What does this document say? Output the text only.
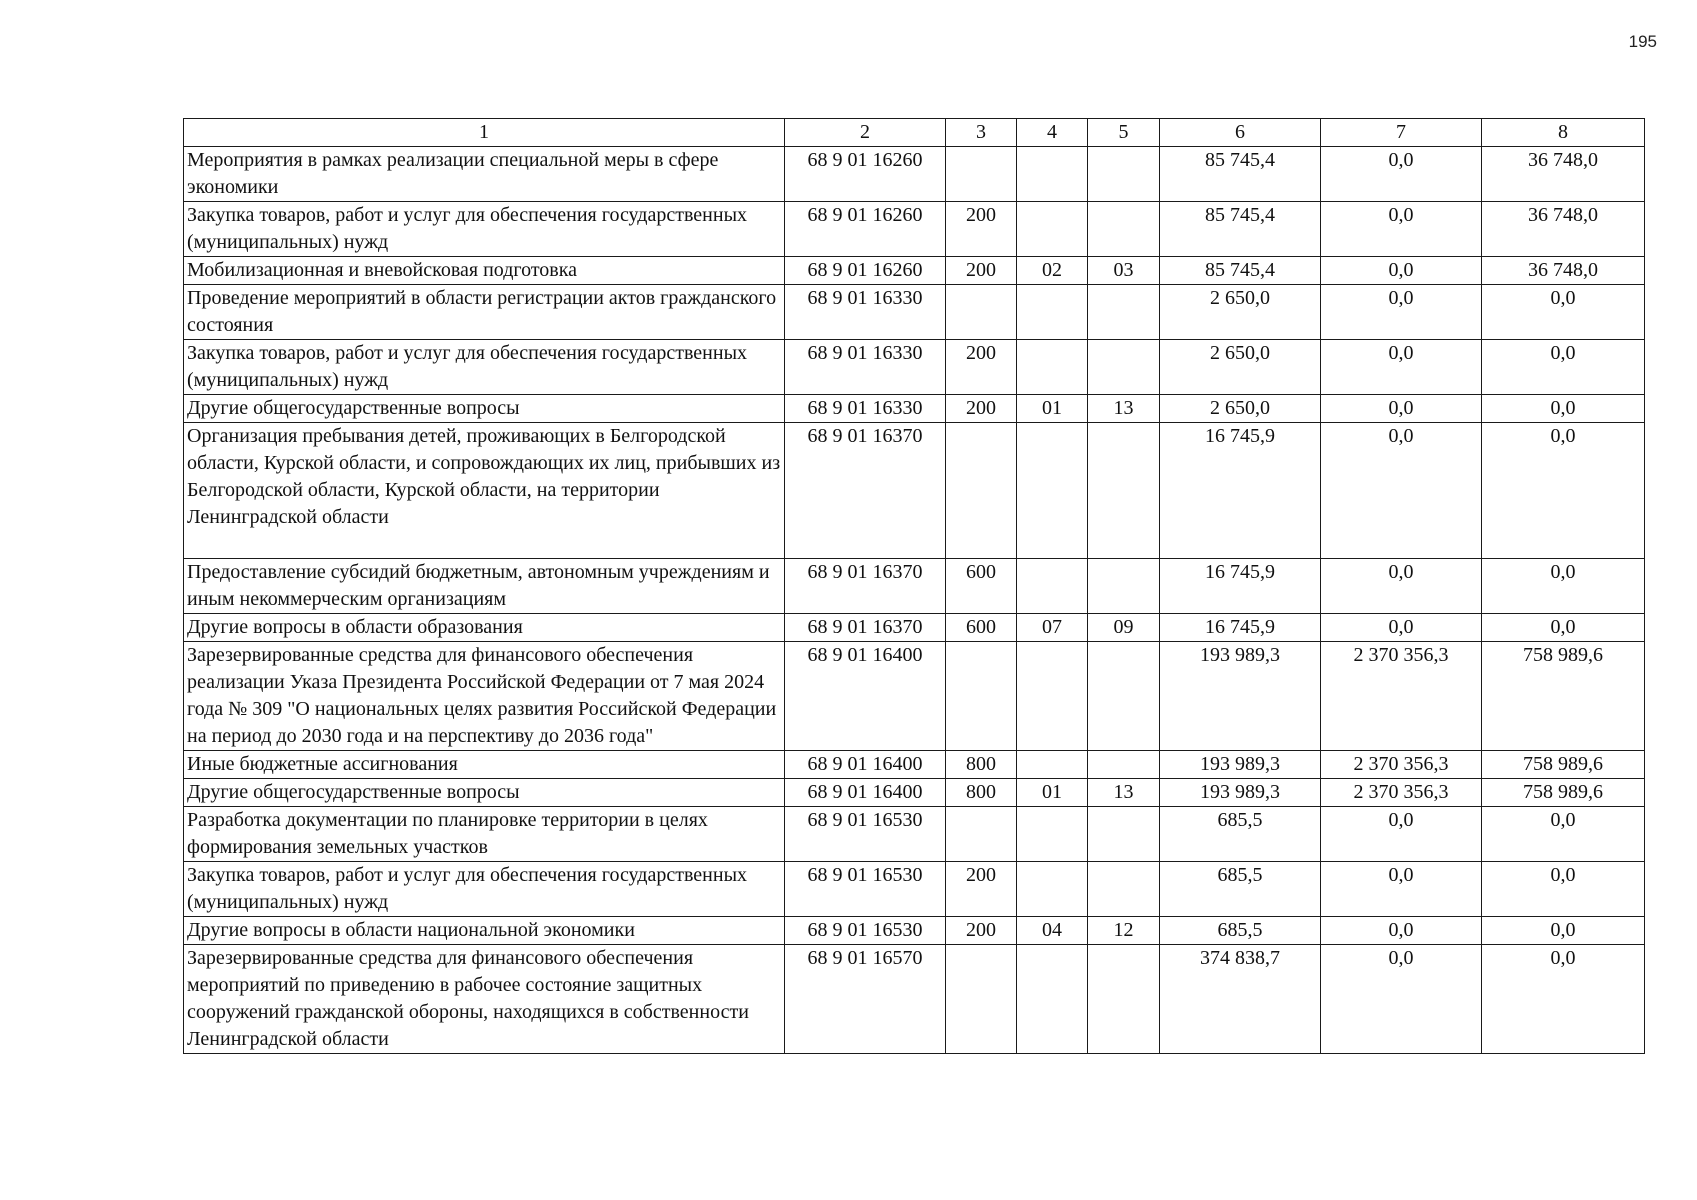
195
1	2	3	4	5	6	7	8
Мероприятия в рамках реализации специальной меры в сфере экономики	68 9 01 16260				85 745,4	0,0	36 748,0
Закупка товаров, работ и услуг для обеспечения государственных (муниципальных) нужд	68 9 01 16260	200			85 745,4	0,0	36 748,0
Мобилизационная и вневойсковая подготовка	68 9 01 16260	200	02	03	85 745,4	0,0	36 748,0
Проведение мероприятий в области регистрации актов гражданского состояния	68 9 01 16330				2 650,0	0,0	0,0
Закупка товаров, работ и услуг для обеспечения государственных (муниципальных) нужд	68 9 01 16330	200			2 650,0	0,0	0,0
Другие общегосударственные вопросы	68 9 01 16330	200	01	13	2 650,0	0,0	0,0
Организация пребывания детей, проживающих в Белгородской области, Курской области, и сопровождающих их лиц, прибывших из Белгородской области, Курской области, на территории Ленинградской области	68 9 01 16370				16 745,9	0,0	0,0
Предоставление субсидий бюджетным, автономным учреждениям и иным некоммерческим организациям	68 9 01 16370	600			16 745,9	0,0	0,0
Другие вопросы в области образования	68 9 01 16370	600	07	09	16 745,9	0,0	0,0
Зарезервированные средства для финансового обеспечения реализации Указа Президента Российской Федерации от 7 мая 2024 года № 309 "О национальных целях развития Российской Федерации на период до 2030 года и на перспективу до 2036 года"	68 9 01 16400				193 989,3	2 370 356,3	758 989,6
Иные бюджетные ассигнования	68 9 01 16400	800			193 989,3	2 370 356,3	758 989,6
Другие общегосударственные вопросы	68 9 01 16400	800	01	13	193 989,3	2 370 356,3	758 989,6
Разработка документации по планировке территории в целях формирования земельных участков	68 9 01 16530				685,5	0,0	0,0
Закупка товаров, работ и услуг для обеспечения государственных (муниципальных) нужд	68 9 01 16530	200			685,5	0,0	0,0
Другие вопросы в области национальной экономики	68 9 01 16530	200	04	12	685,5	0,0	0,0
Зарезервированные средства для финансового обеспечения мероприятий по приведению в рабочее состояние защитных сооружений гражданской обороны, находящихся в собственности Ленинградской области	68 9 01 16570				374 838,7	0,0	0,0
